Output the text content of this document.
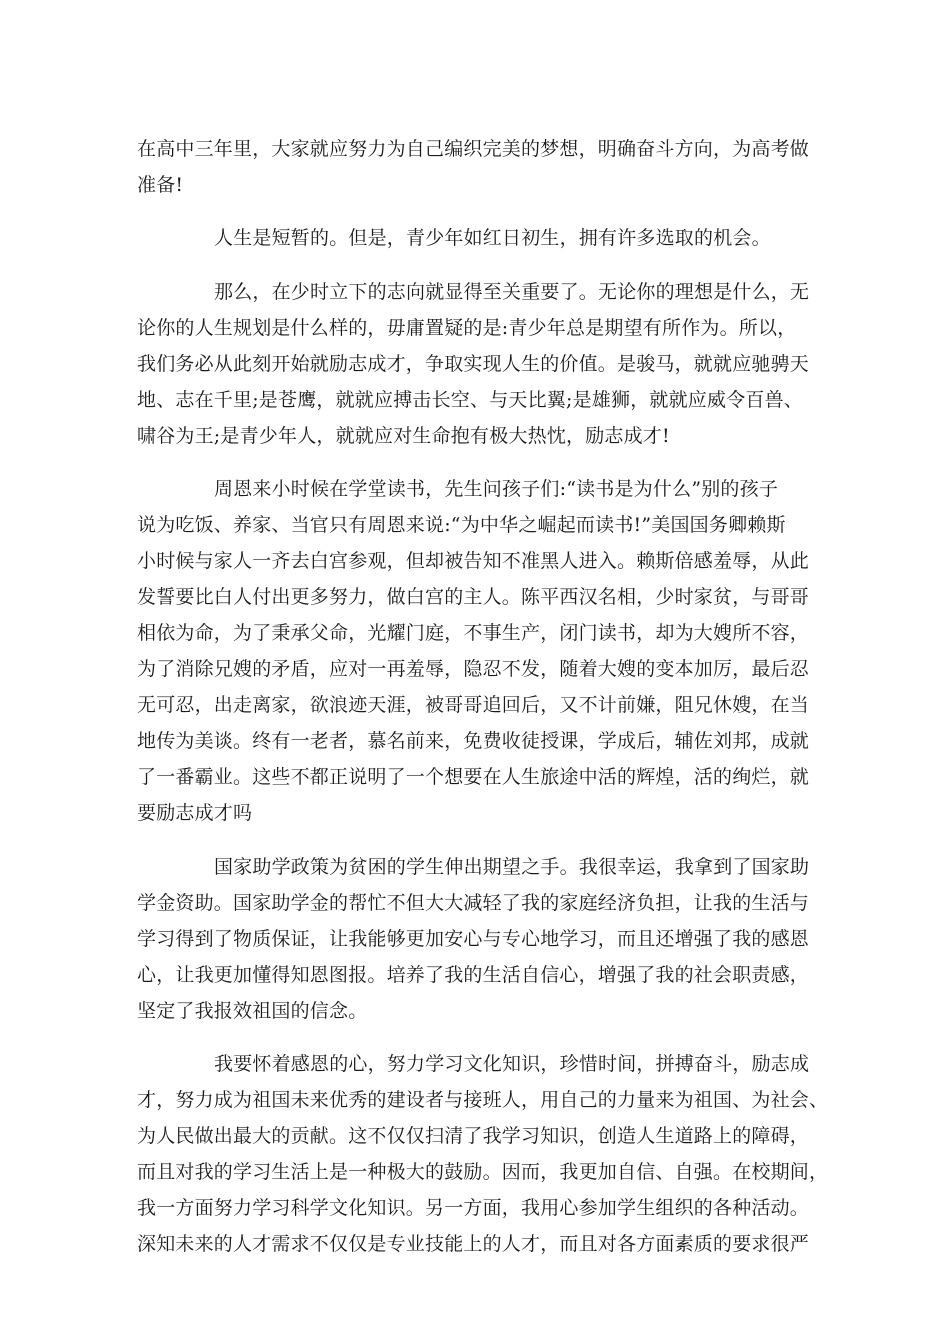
在高中三年里，大家就应努力为自己编织完美的梦想，明确奋斗方向，为高考做
准备!
人生是短暂的。但是，青少年如红日初生，拥有许多选取的机会。
那么，在少时立下的志向就显得至关重要了。无论你的理想是什么，无
论你的人生规划是什么样的，毋庸置疑的是:青少年总是期望有所作为。所以，
我们务必从此刻开始就励志成才，争取实现人生的价值。是骏马，就就应驰骋天
地、志在千里;是苍鹰，就就应搏击长空、与天比翼;是雄狮，就就应威令百兽、
啸谷为王;是青少年人，就就应对生命抱有极大热忱，励志成才!
周恩来小时候在学堂读书，先生问孩子们:“读书是为什么”别的孩子
说为吃饭、养家、当官只有周恩来说:“为中华之崛起而读书!”美国国务卿赖斯
小时候与家人一齐去白宫参观，但却被告知不准黑人进入。赖斯倍感羞辱，从此
发誓要比白人付出更多努力，做白宫的主人。陈平西汉名相，少时家贫，与哥哥
相依为命，为了秉承父命，光耀门庭，不事生产，闭门读书，却为大嫂所不容，
为了消除兄嫂的矛盾，应对一再羞辱，隐忍不发，随着大嫂的变本加厉，最后忍
无可忍，出走离家，欲浪迹天涯，被哥哥追回后，又不计前嫌，阻兄休嫂，在当
地传为美谈。终有一老者，慕名前来，免费收徒授课，学成后，辅佐刘邦，成就
了一番霸业。这些不都正说明了一个想要在人生旅途中活的辉煌，活的绚烂，就
要励志成才吗
国家助学政策为贫困的学生伸出期望之手。我很幸运，我拿到了国家助
学金资助。国家助学金的帮忙不但大大减轻了我的家庭经济负担，让我的生活与
学习得到了物质保证，让我能够更加安心与专心地学习，而且还增强了我的感恩
心，让我更加懂得知恩图报。培养了我的生活自信心，增强了我的社会职责感，
坚定了我报效祖国的信念。
我要怀着感恩的心，努力学习文化知识，珍惜时间，拼搏奋斗，励志成
才，努力成为祖国未来优秀的建设者与接班人，用自己的力量来为祖国、为社会、
为人民做出最大的贡献。这不仅仅扫清了我学习知识，创造人生道路上的障碍，
而且对我的学习生活上是一种极大的鼓励。因而，我更加自信、自强。在校期间，
我一方面努力学习科学文化知识。另一方面，我用心参加学生组织的各种活动。
深知未来的人才需求不仅仅是专业技能上的人才，而且对各方面素质的要求很严
